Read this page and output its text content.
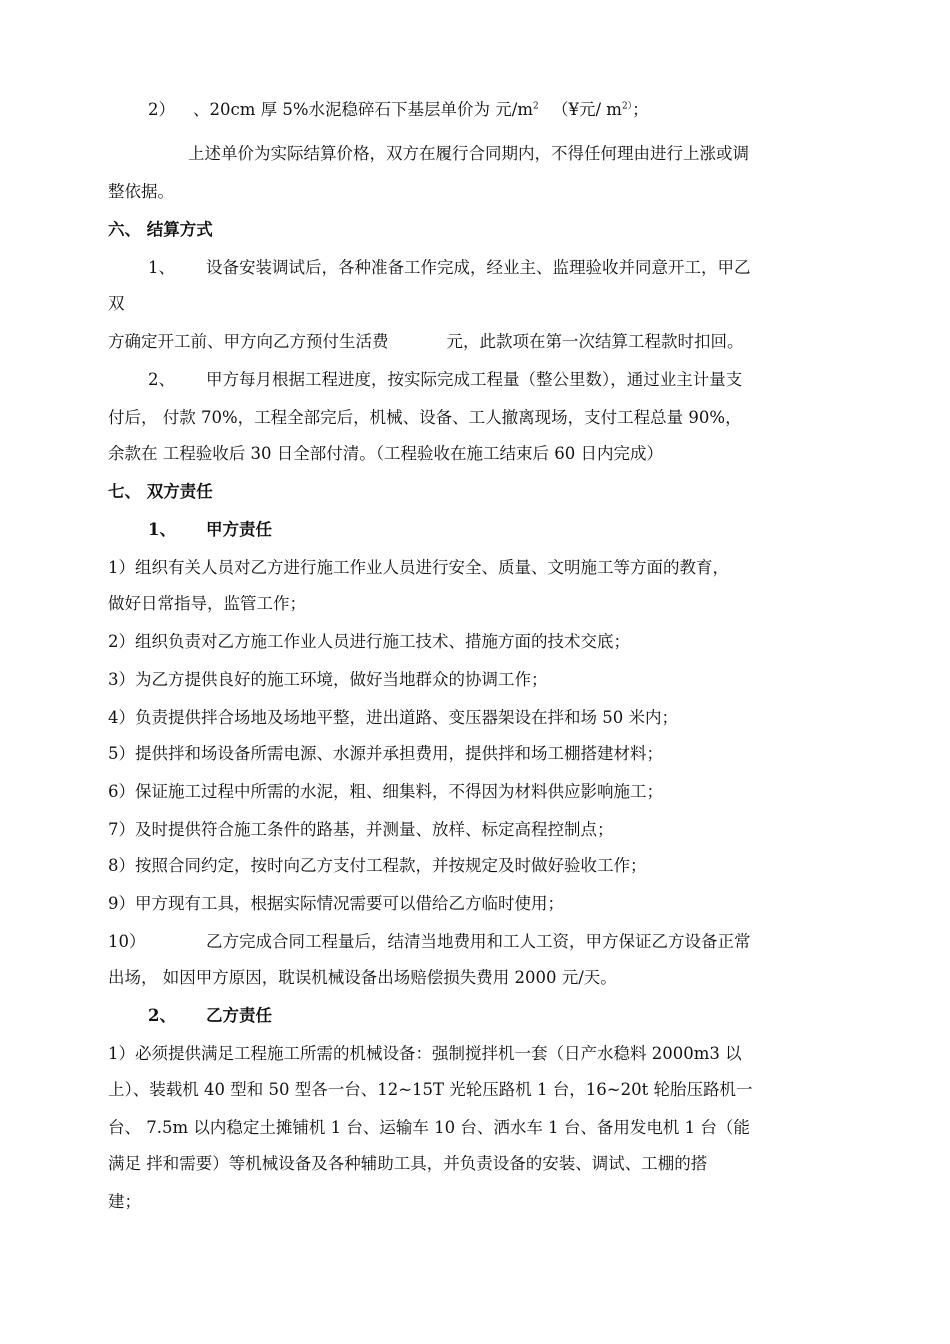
2） 、20cm 厚 5%水泥稳碎石下基层单价为 元$/m^2$ （¥元/ $m^{2)}$；
上述单价为实际结算价格，双方在履行合同期内，不得任何理由进行上涨或调
整依据。
六、 结算方式
1、 设备安装调试后，各种准备工作完成，经业主、监理验收并同意开工，甲乙
双
方确定开工前、甲方向乙方预付生活费	元，此款项在第一次结算工程款时扣回。
2、 甲方每月根据工程进度，按实际完成工程量（整公里数），通过业主计量支
付后， 付款 70%，工程全部完后，机械、设备、工人撤离现场，支付工程总量 90%，
余款在 工程验收后 30 日全部付清。（工程验收在施工结束后 60 日内完成）
七、 双方责任
1、 甲方责任
1）组织有关人员对乙方进行施工作业人员进行安全、质量、文明施工等方面的教育，
做好日常指导，监管工作；
2）组织负责对乙方施工作业人员进行施工技术、措施方面的技术交底；
3）为乙方提供良好的施工环境，做好当地群众的协调工作；
4）负责提供拌合场地及场地平整，进出道路、变压器架设在拌和场 50 米内；
5）提供拌和场设备所需电源、水源并承担费用，提供拌和场工棚搭建材料；
6）保证施工过程中所需的水泥，粗、细集料，不得因为材料供应影响施工；
7）及时提供符合施工条件的路基，并测量、放样、标定高程控制点；
8）按照合同约定，按时向乙方支付工程款，并按规定及时做好验收工作；
9）甲方现有工具，根据实际情况需要可以借给乙方临时使用；
10）	乙方完成合同工程量后，结清当地费用和工人工资，甲方保证乙方设备正常
出场， 如因甲方原因，耽误机械设备出场赔偿损失费用 2000 元/天。
2、 乙方责任
1）必须提供满足工程施工所需的机械设备：强制搅拌机一套（日产水稳料 2000m3 以
上）、装载机 40 型和 50 型各一台、12~15T 光轮压路机 1 台，16~20t 轮胎压路机一
台、 7.5m 以内稳定土摊铺机 1 台、运输车 10 台、洒水车 1 台、备用发电机 1 台（能
满足 拌和需要）等机械设备及各种辅助工具，并负责设备的安装、调试、工棚的搭
建；
